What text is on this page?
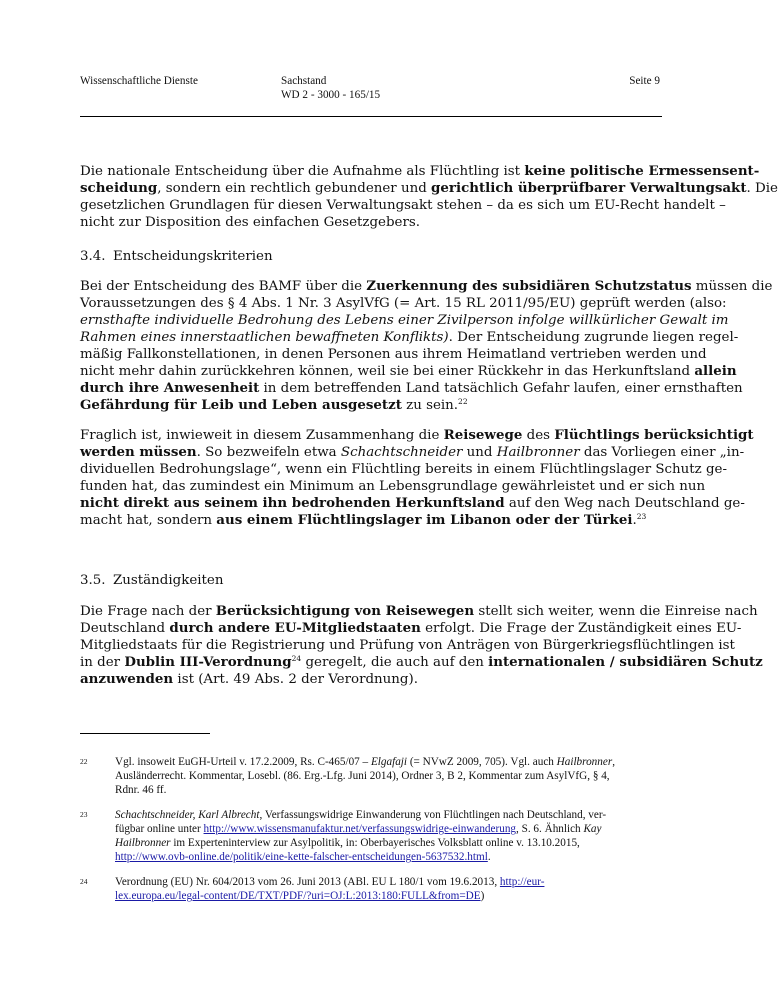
Wissenschaftliche Dienste	Sachstand
WD 2 - 3000 - 165/15
Seite 9
Die nationale Entscheidung über die Aufnahme als Flüchtling ist keine politische Ermessensent-
scheidung, sondern ein rechtlich gebundener und gerichtlich überprüfbarer Verwaltungsakt. Die
gesetzlichen Grundlagen für diesen Verwaltungsakt stehen – da es sich um EU-Recht handelt –
nicht zur Disposition des einfachen Gesetzgebers.
3.4. Entscheidungskriterien
Bei der Entscheidung des BAMF über die Zuerkennung des subsidiären Schutzstatus müssen die
Voraussetzungen des § 4 Abs. 1 Nr. 3 AsylVfG (= Art. 15 RL 2011/95/EU) geprüft werden (also:
ernsthafte individuelle Bedrohung des Lebens einer Zivilperson infolge willkürlicher Gewalt im
Rahmen eines innerstaatlichen bewaffneten Konflikts). Der Entscheidung zugrunde liegen regel-
mäßig Fallkonstellationen, in denen Personen aus ihrem Heimatland vertrieben werden und
nicht mehr dahin zurückkehren können, weil sie bei einer Rückkehr in das Herkunftsland allein
durch ihre Anwesenheit in dem betreffenden Land tatsächlich Gefahr laufen, einer ernsthaften
Gefährdung für Leib und Leben ausgesetzt zu sein.$^{22}$
Fraglich ist, inwieweit in diesem Zusammenhang die Reisewege des Flüchtlings berücksichtigt
werden müssen. So bezweifeln etwa Schachtschneider und Hailbronner das Vorliegen einer „in-
dividuellen Bedrohungslage“, wenn ein Flüchtling bereits in einem Flüchtlingslager Schutz ge-
funden hat, das zumindest ein Minimum an Lebensgrundlage gewährleistet und er sich nun
nicht direkt aus seinem ihn bedrohenden Herkunftsland auf den Weg nach Deutschland ge-
macht hat, sondern aus einem Flüchtlingslager im Libanon oder der Türkei.$^{23}$
3.5. Zuständigkeiten
Die Frage nach der Berücksichtigung von Reisewegen stellt sich weiter, wenn die Einreise nach
Deutschland durch andere EU-Mitgliedstaaten erfolgt. Die Frage der Zuständigkeit eines EU-
Mitgliedstaats für die Registrierung und Prüfung von Anträgen von Bürgerkriegsflüchtlingen ist
in der Dublin III-Verordnung$^{24}$ geregelt, die auch auf den internationalen / subsidiären Schutz
anzuwenden ist (Art. 49 Abs. 2 der Verordnung).
22 Vgl. insoweit EuGH-Urteil v. 17.2.2009, Rs. C-465/07 – Elgafaji (= NVwZ 2009, 705). Vgl. auch Hailbronner,
Ausländerrecht. Kommentar, Losebl. (86. Erg.-Lfg. Juni 2014), Ordner 3, B 2, Kommentar zum AsylVfG, § 4,
Rdnr. 46 ff.
23 Schachtschneider, Karl Albrecht, Verfassungswidrige Einwanderung von Flüchtlingen nach Deutschland, ver-
fügbar online unter http://www.wissensmanufaktur.net/verfassungswidrige-einwanderung, S. 6. Ähnlich Kay
Hailbronner im Experteninterview zur Asylpolitik, in: Oberbayerisches Volksblatt online v. 13.10.2015,
http://www.ovb-online.de/politik/eine-kette-falscher-entscheidungen-5637532.html.
24 Verordnung (EU) Nr. 604/2013 vom 26. Juni 2013 (ABl. EU L 180/1 vom 19.6.2013, http://eur-
lex.europa.eu/legal-content/DE/TXT/PDF/?uri=OJ:L:2013:180:FULL&from=DE)
